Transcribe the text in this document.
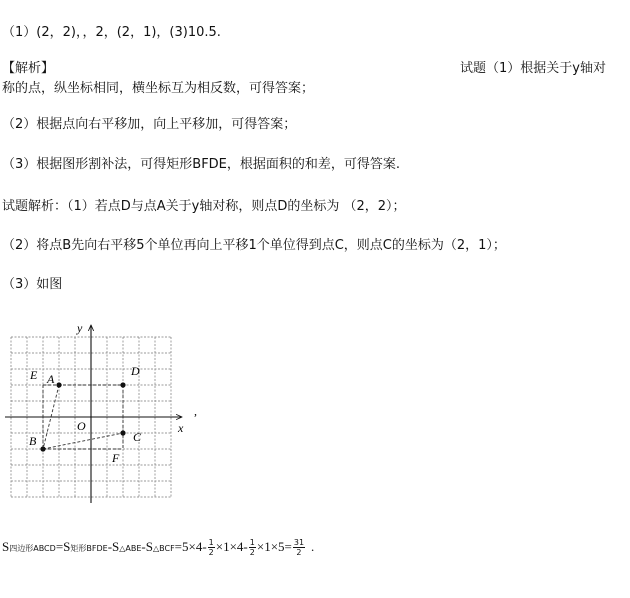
（1）(2，2)，，2，(2，1)，(3)10.5.
【解析】	试题（1）根据关于y轴对
称的点，纵坐标相同，横坐标互为相反数，可得答案；
（2）根据点向右平移加，向上平移加，可得答案；
（3）根据图形割补法，可得矩形BFDE，根据面积的和差，可得答案.
试题解析：（1）若点D与点A关于y轴对称，则点D的坐标为 （2，2）；
（2）将点B先向右平移5个单位再向上平移1个单位得到点C，则点C的坐标为（2，1）；
（3）如图
y
x
O
A
B	C
D
E
F
,
S四边形ABCD=S矩形BFDE-S△ABE-S△BCF=5×4- $\frac{1}{2} \times 1\times 4- \frac{1}{2} \times 1\times 5= \frac{31}{2}$ .
